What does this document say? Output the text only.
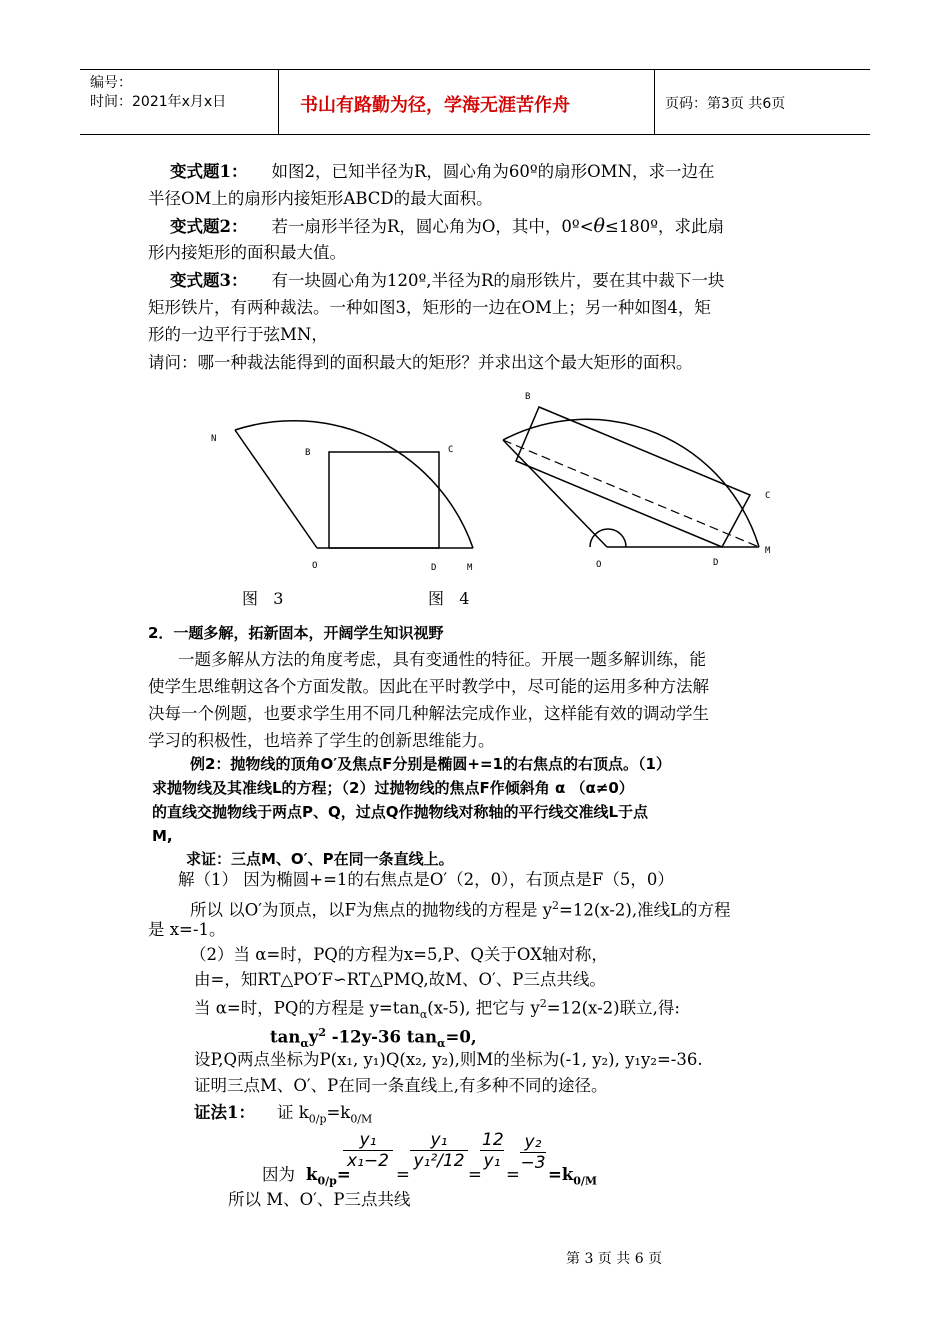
编号：
时间：2021年x月x日	书山有路勤为径，学海无涯苦作舟	页码：第3页 共6页
变式题1： 如图2，已知半径为R，圆心角为60º的扇形OMN，求一边在
半径OM上的扇形内接矩形ABCD的最大面积。
变式题2： 若一扇形半径为R，圆心角为O，其中，0º<θ≤180º，求此扇
形内接矩形的面积最大值。
变式题3： 有一块圆心角为120º,半径为R的扇形铁片，要在其中裁下一块
矩形铁片，有两种裁法。一种如图3，矩形的一边在OM上；另一种如图4，矩
形的一边平行于弦MN，
请问：哪一种裁法能得到的面积最大的矩形？并求出这个最大矩形的面积。
N
B	C
O	D	M
B
C
O	D
M
图   3	图   4
2．一题多解，拓新固本，开阔学生知识视野
一题多解从方法的角度考虑，具有变通性的特征。开展一题多解训练，能
使学生思维朝这各个方面发散。因此在平时教学中，尽可能的运用多种方法解
决每一个例题，也要求学生用不同几种解法完成作业，这样能有效的调动学生
学习的积极性，也培养了学生的创新思维能力。
例2：抛物线的顶角O′及焦点F分别是椭圆+=1的右焦点的右顶点。（1）
求抛物线及其准线L的方程；（2）过抛物线的焦点F作倾斜角 α （α≠0）
的直线交抛物线于两点P、Q，过点Q作抛物线对称轴的平行线交准线L于点
M,
求证：三点M、O′、P在同一条直线上。
解（1） 因为椭圆+=1的右焦点是O′（2，0），右顶点是F（5，0）
所以 以O′为顶点，以F为焦点的抛物线的方程是 $y^2=12(x-2)$,准线L的方程
是 x=-1。
（2）当 α=时，PQ的方程为x=5,P、Q关于OX轴对称，
由=，知RT△PO′F∽RT△PMQ,故M、O′、P三点共线。
当 α=时，PQ的方程是 $y=\tan_\alpha(x-5)$, 把它与 $y^2=12(x-2)$联立,得:
$\tan_\alpha y^2$ -12y-36 $\tan_\alpha=0$,
设P,Q两点坐标为P(x₁, y₁)Q(x₂, y₂),则M的坐标为(-1, y₂), y₁y₂=-36.
证明三点M、O′、P在同一条直线上,有多种不同的途径。
证法1： 证 $k_{0/p}=k_{0/M}$
因为 $k_{0/p}=$
$\frac{\text{y₁}}{\text{x₁−2}}$
=
$\frac{\text{y₁}}{\text{y₁²/12}}$
=
$\frac{12}{\text{y₁}}$
=
$\frac{\text{y₂}}{-3}$
$=k_{0/M}$
所以 M、O′、P三点共线
第 3 页 共 6 页
